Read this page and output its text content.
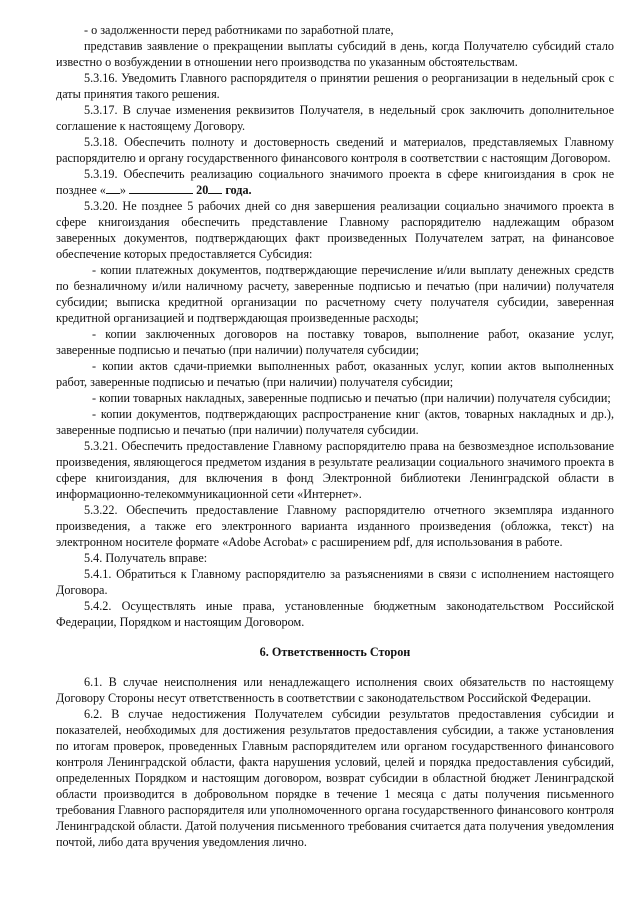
- о задолженности перед работниками по заработной плате,

представив заявление о прекращении выплаты субсидий в день, когда Получателю субсидий стало известно о возбуждении в отношении него производства по указанным обстоятельствам.

5.3.16. Уведомить Главного распорядителя о принятии решения о реорганизации в недельный срок с даты принятия такого решения.

5.3.17. В случае изменения реквизитов Получателя, в недельный срок заключить дополнительное соглашение к настоящему Договору.

5.3.18. Обеспечить полноту и достоверность сведений и материалов, представляемых Главному распорядителю и органу государственного финансового контроля в соответствии с настоящим Договором.

5.3.19. Обеспечить реализацию социального значимого проекта в сфере книгоиздания в срок не позднее « »	20 года.

5.3.20. Не позднее 5 рабочих дней со дня завершения реализации социально значимого проекта в сфере книгоиздания обеспечить представление Главному распорядителю надлежащим образом заверенных документов, подтверждающих факт произведенных Получателем затрат, на финансовое обеспечение которых предоставляется Субсидия:

- копии платежных документов, подтверждающие перечисление и/или выплату денежных средств по безналичному и/или наличному расчету, заверенные подписью и печатью (при наличии) получателя субсидии; выписка кредитной организации по расчетному счету получателя субсидии, заверенная кредитной организацией и подтверждающая произведенные расходы;

- копии заключенных договоров на поставку товаров, выполнение работ, оказание услуг, заверенные подписью и печатью (при наличии) получателя субсидии;

- копии актов сдачи-приемки выполненных работ, оказанных услуг, копии актов выполненных работ, заверенные подписью и печатью (при наличии) получателя субсидии;

- копии товарных накладных, заверенные подписью и печатью (при наличии) получателя субсидии;

- копии документов, подтверждающих распространение книг (актов, товарных накладных и др.), заверенные подписью и печатью (при наличии) получателя субсидии.

5.3.21. Обеспечить предоставление Главному распорядителю права на безвозмездное использование произведения, являющегося предметом издания в результате реализации социального значимого проекта в сфере книгоиздания, для включения в фонд Электронной библиотеки Ленинградской области в информационно-телекоммуникационной сети «Интернет».

5.3.22. Обеспечить предоставление Главному распорядителю отчетного экземпляра изданного произведения, а также его электронного варианта изданного произведения (обложка, текст) на электронном носителе формате «Adobe Acrobat» с расширением pdf, для использования в работе.

5.4. Получатель вправе:

5.4.1. Обратиться к Главному распорядителю за разъяснениями в связи с исполнением настоящего Договора.

5.4.2. Осуществлять иные права, установленные бюджетным законодательством Российской Федерации, Порядком и настоящим Договором.

6. Ответственность Сторон

6.1. В случае неисполнения или ненадлежащего исполнения своих обязательств по настоящему Договору Стороны несут ответственность в соответствии с законодательством Российской Федерации.

6.2. В случае недостижения Получателем субсидии результатов предоставления субсидии и показателей, необходимых для достижения результатов предоставления субсидии, а также установления по итогам проверок, проведенных Главным распорядителем или органом государственного финансового контроля Ленинградской области, факта нарушения условий, целей и порядка предоставления субсидий, определенных Порядком и настоящим договором, возврат субсидии в областной бюджет Ленинградской области производится в добровольном порядке в течение 1 месяца с даты получения письменного требования Главного распорядителя или уполномоченного органа государственного финансового контроля Ленинградской области. Датой получения письменного требования считается дата получения уведомления почтой, либо дата вручения уведомления лично.
